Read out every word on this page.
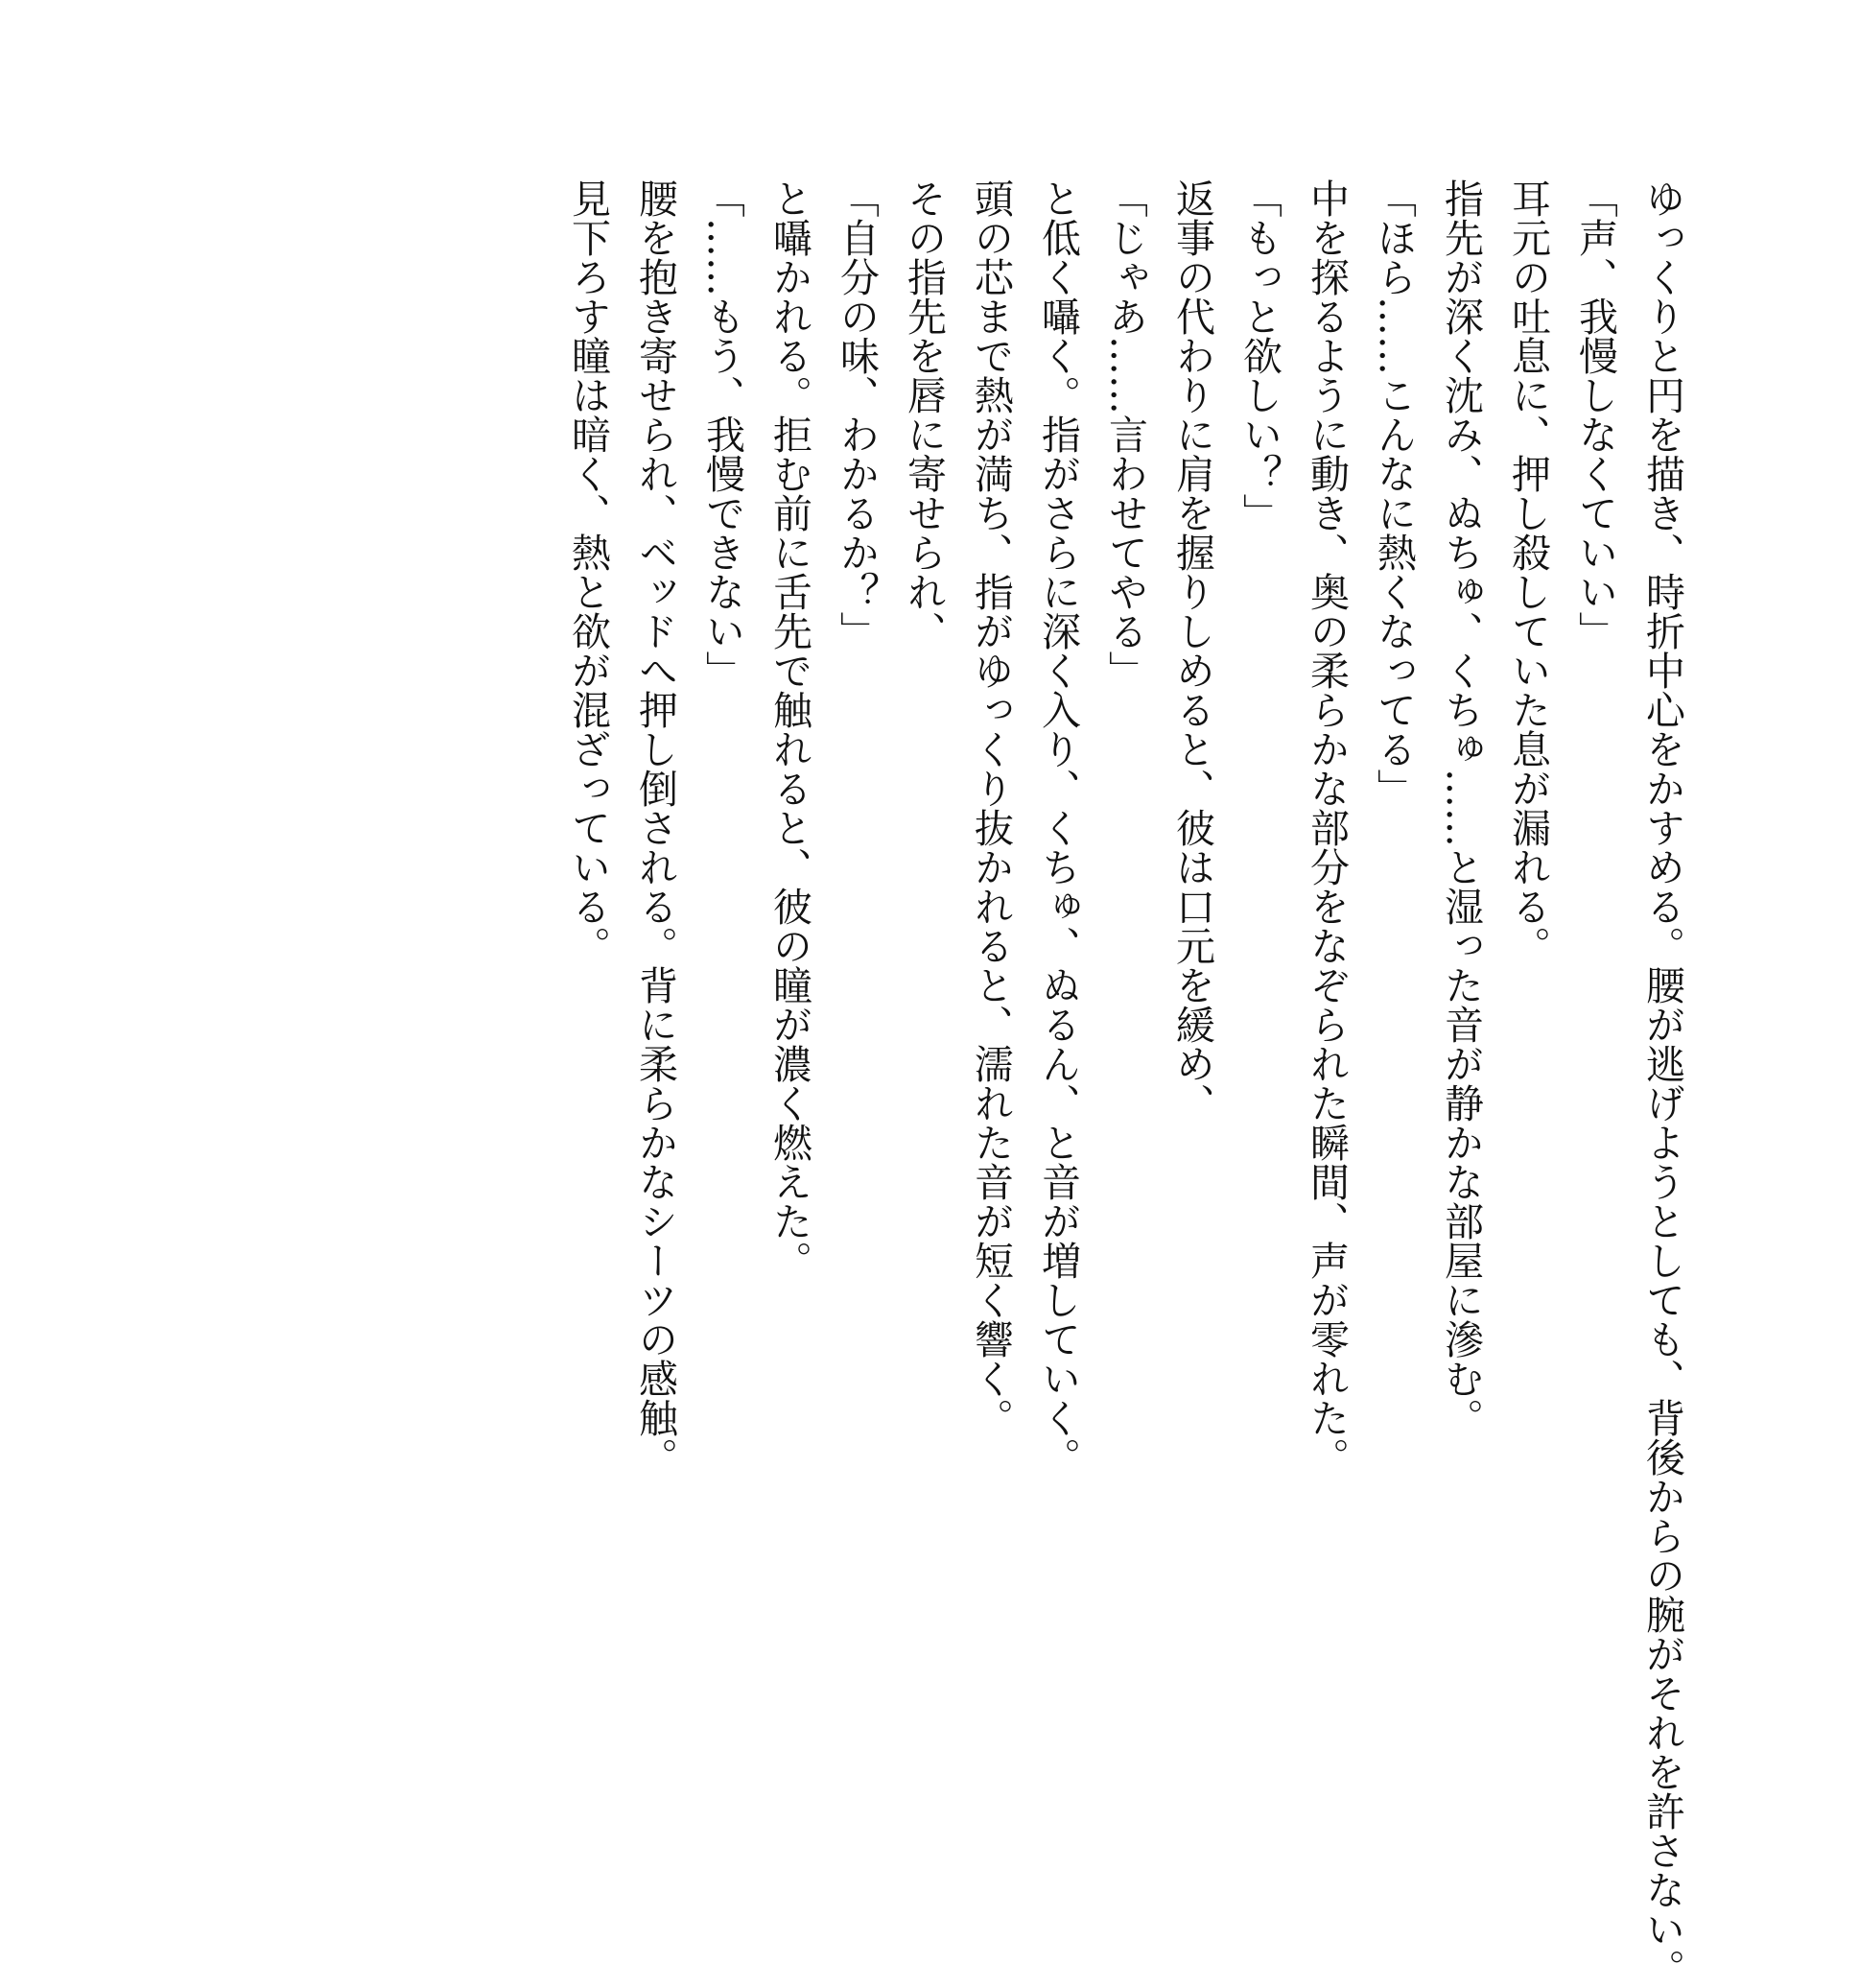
ゆっくりと円を描き、時折中心をかすめる。腰が逃げようとしても、背後からの腕がそれを許さない。
「声、我慢しなくていい」
耳元の吐息に、押し殺していた息が漏れる。
指先が深く沈み、ぬちゅ、くちゅ……と湿った音が静かな部屋に滲む。
「ほら……こんなに熱くなってる」
中を探るように動き、奥の柔らかな部分をなぞられた瞬間、声が零れた。
「もっと欲しい？」
返事の代わりに肩を握りしめると、彼は口元を緩め、
「じゃあ……言わせてやる」
と低く囁く。指がさらに深く入り、くちゅ、ぬるん、と音が増していく。
頭の芯まで熱が満ち、指がゆっくり抜かれると、濡れた音が短く響く。
その指先を唇に寄せられ、
「自分の味、わかるか？」
と囁かれる。拒む前に舌先で触れると、彼の瞳が濃く燃えた。
「……もう、我慢できない」
腰を抱き寄せられ、ベッドへ押し倒される。背に柔らかなシーツの感触。
見下ろす瞳は暗く、熱と欲が混ざっている。
